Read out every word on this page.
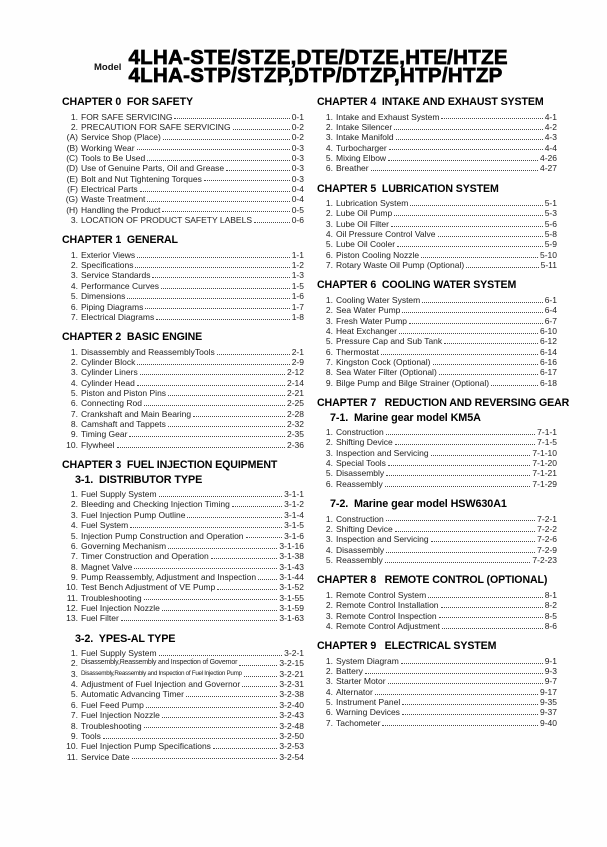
Model 4LHA-STE/STZE,DTE/DTZE,HTE/HTZE
4LHA-STP/STZP,DTP/DTZP,HTP/HTZP
CHAPTER 0  FOR SAFETY
1. FOR SAFE SERVICING	0-1
2. PRECAUTION FOR SAFE SERVICING	0-2
(A) Service Shop (Place)	0-2
(B) Working Wear	0-3
(C) Tools to Be Used	0-3
(D) Use of Genuine Parts, Oil and Grease	0-3
(E) Bolt and Nut Tightening Torques	0-3
(F) Electrical Parts	0-4
(G) Waste Treatment	0-4
(H) Handling the Product	0-5
3. LOCATION OF PRODUCT SAFETY LABELS	0-6
CHAPTER 1  GENERAL
1. Exterior Views	1-1
2. Specifications	1-2
3. Service Standards	1-3
4. Performance Curves	1-5
5. Dimensions	1-6
6. Piping Diagrams	1-7
7. Electrical Diagrams	1-8
CHAPTER 2  BASIC ENGINE
1. Disassembly and ReassemblyTools	2-1
2. Cylinder Block	2-9
3. Cylinder Liners	2-12
4. Cylinder Head	2-14
5. Piston and Piston Pins	2-21
6. Connecting Rod	2-25
7. Crankshaft and Main Bearing	2-28
8. Camshaft and Tappets	2-32
9. Timing Gear	2-35
10. Flywheel	2-36
CHAPTER 3  FUEL INJECTION EQUIPMENT
3-1.  DISTRIBUTOR TYPE
1. Fuel Supply System	3-1-1
2. Bleeding and Checking Injection Timing	3-1-2
3. Fuel Injection Pump Outline	3-1-4
4. Fuel System	3-1-5
5. Injection Pump Construction and Operation	3-1-6
6. Governing Mechanism	3-1-16
7. Timer Construction and Operation	3-1-38
8. Magnet Valve	3-1-43
9. Pump Reassembly, Adjustment and Inspection	3-1-44
10. Test Bench Adjustment of VE Pump	3-1-52
11. Troubleshooting	3-1-55
12. Fuel Injection Nozzle	3-1-59
13. Fuel Filter	3-1-63
3-2.  YPES-AL TYPE
1. Fuel Supply System	3-2-1
2. Disassembly,Reassembly and Inspection of Governor	3-2-15
3. Disassembly,Reassembly and Inspection of Fuel Injection Pump	3-2-21
4. Adjustment of Fuel Injection and Governor	3-2-31
5. Automatic Advancing Timer	3-2-38
6. Fuel Feed Pump	3-2-40
7. Fuel Injection Nozzle	3-2-43
8. Troubleshooting	3-2-48
9. Tools	3-2-50
10. Fuel Injection Pump Specifications	3-2-53
11. Service Date	3-2-54
CHAPTER 4  INTAKE AND EXHAUST SYSTEM
1. Intake and Exhaust System	4-1
2. Intake Silencer	4-2
3. Intake Manifold	4-3
4. Turbocharger	4-4
5. Mixing Elbow	4-26
6. Breather	4-27
CHAPTER 5  LUBRICATION SYSTEM
1. Lubrication System	5-1
2. Lube Oil Pump	5-3
3. Lube Oil Filter	5-6
4. Oil Pressure Control Valve	5-8
5. Lube Oil Cooler	5-9
6. Piston Cooling Nozzle	5-10
7. Rotary Waste Oil Pump (Optional)	5-11
CHAPTER 6  COOLING WATER SYSTEM
1. Cooling Water System	6-1
2. Sea Water Pump	6-4
3. Fresh Water Pump	6-7
4. Heat Exchanger	6-10
5. Pressure Cap and Sub Tank	6-12
6. Thermostat	6-14
7. Kingston Cock (Optional)	6-16
8. Sea Water Filter (Optional)	6-17
9. Bilge Pump and Bilge Strainer (Optional)	6-18
CHAPTER 7   REDUCTION AND REVERSING GEAR
7-1.  Marine gear model KM5A
1. Construction	7-1-1
2. Shifting Device	7-1-5
3. Inspection and Servicing	7-1-10
4. Special Tools	7-1-20
5. Disassembly	7-1-21
6. Reassembly	7-1-29
7-2.  Marine gear model HSW630A1
1. Construction	7-2-1
2. Shifting Device	7-2-2
3. Inspection and Servicing	7-2-6
4. Disassembly	7-2-9
5. Reassembly	7-2-23
CHAPTER 8   REMOTE CONTROL (OPTIONAL)
1. Remote Control System	8-1
2. Remote Control Installation	8-2
3. Remote Control Inspection	8-5
4. Remote Control Adjustment	8-6
CHAPTER 9   ELECTRICAL SYSTEM
1. System Diagram	9-1
2. Battery	9-3
3. Starter Motor	9-7
4. Alternator	9-17
5. Instrument Panel	9-35
6. Warning Devices	9-37
7. Tachometer	9-40
